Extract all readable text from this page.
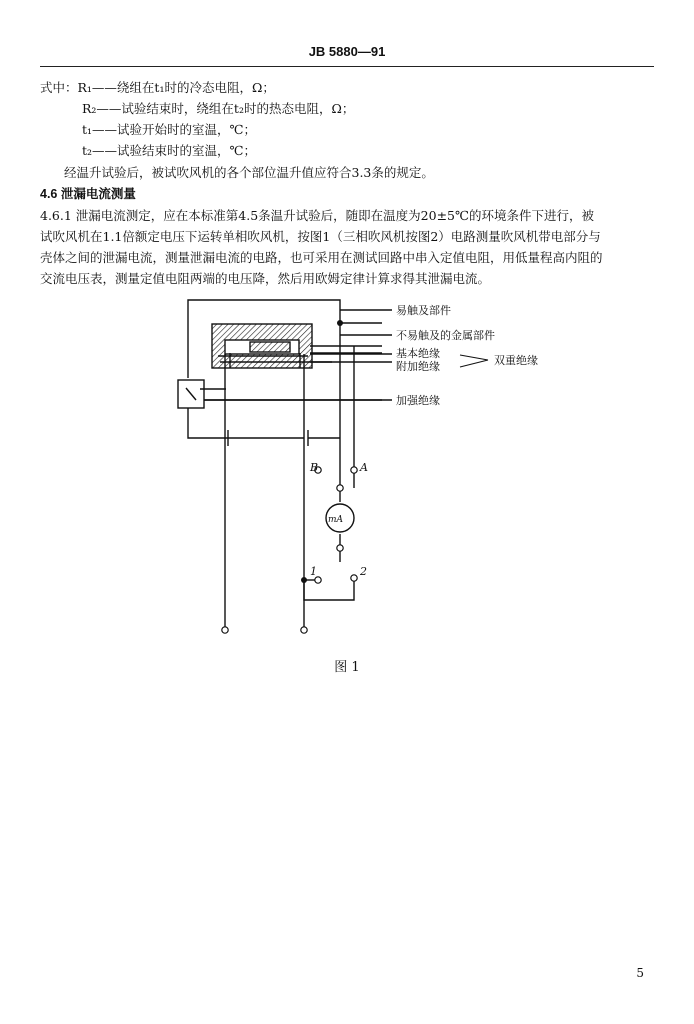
JB 5880—91
式中：R₁——绕组在t₁时的冷态电阻，Ω；
R₂——试验结束时，绕组在t₂时的热态电阻，Ω；
t₁——试验开始时的室温，℃；
t₂——试验结束时的室温，℃；
经温升试验后，被试吹风机的各个部位温升值应符合3.3条的规定。
4.6 泄漏电流测量
4.6.1 泄漏电流测定，应在本标准第4.5条温升试验后，随即在温度为20±5℃的环境条件下进行，被
试吹风机在1.1倍额定电压下运转单相吹风机，按图1（三相吹风机按图2）电路测量吹风机带电部分与
壳体之间的泄漏电流，测量泄漏电流的电路，也可采用在测试回路中串入定值电阻，用低量程高内阻的
交流电压表，测量定值电阻两端的电压降，然后用欧姆定律计算求得其泄漏电流。
mA
B	A
1	2
易触及部件
不易触及的金属部件
基本绝缘
附加绝缘
加强绝缘
双重绝缘
图 1
5
